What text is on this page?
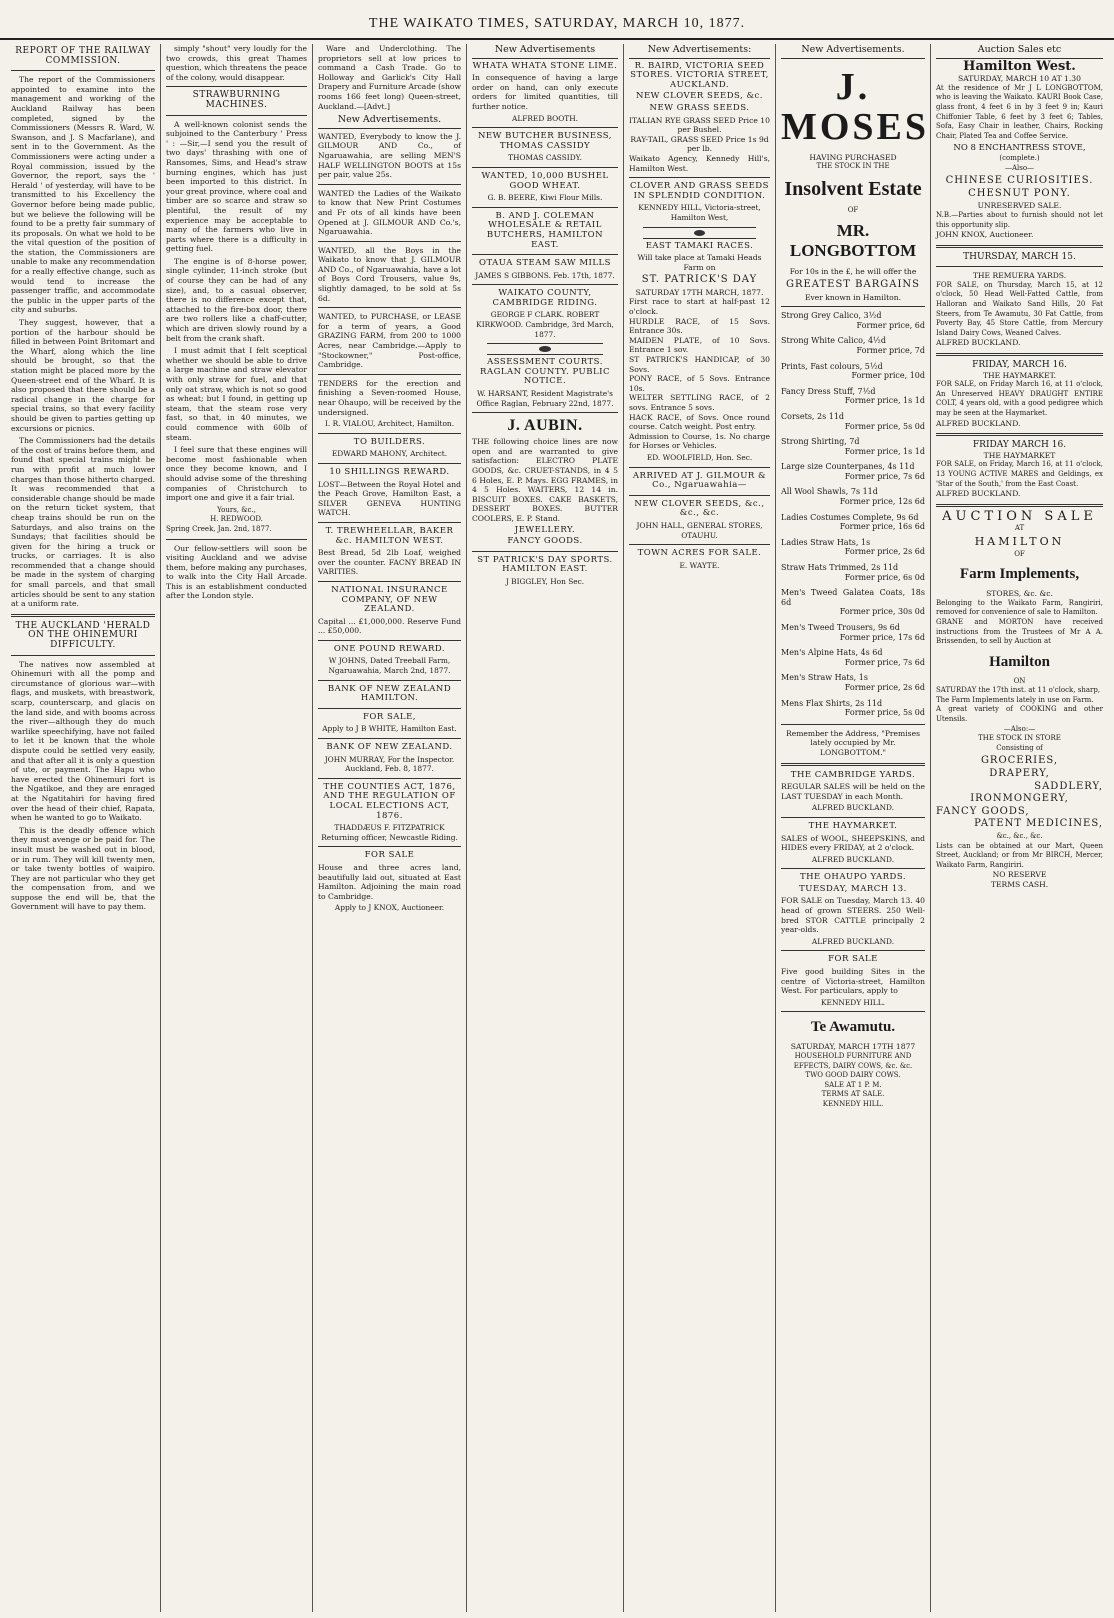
THE WAIKATO TIMES, SATURDAY, MARCH 10, 1877.
REPORT OF THE RAILWAY COMMISSION.

The report of the Commissioners appointed to examine into the management and working of the Auckland Railway has been completed, signed by the Commissioners (Messrs R. Ward, W. Swanson, and J. S Macfarlane), and sent in to the Government. As the Commissioners were acting under a Royal commission, issued by the Governor, the report, says the ' Herald ' of yesterday, will have to be transmitted to his Excellency the Governor before being made public, but we believe the following will be found to be a pretty fair summary of its proposals. On what we hold to be the vital question of the position of the station, the Commissioners are unable to make any recommendation for a really effective change, such as would tend to increase the passenger traffic, and accommodate the public in the upper parts of the city and suburbs.

They suggest, however, that a portion of the harbour should be filled in between Point Britomart and the Wharf, along which the line should be brought, so that the station might be placed more by the Queen-street end of the Wharf. It is also proposed that there should be a radical change in the charge for special trains, so that every facility should be given to parties getting up excursions or picnics.

The Commissioners had the details of the cost of trains before them, and found that special trains might be run with profit at much lower charges than those hitherto charged. It was recommended that a considerable change should be made on the return ticket system, that cheap trains should be run on the Saturdays, and also trains on the Sundays; that facilities should be given for the hiring a truck or trucks, or carriages. It is also recommended that a change should be made in the system of charging for small parcels, and that small articles should be sent to any station at a uniform rate.

THE AUCKLAND 'HERALD ON THE OHINEMURI DIFFICULTY.

The natives now assembled at Ohinemuri with all the pomp and circumstance of glorious war—with flags, and muskets, with breastwork, scarp, counterscarp, and glacis on the land side, and with booms across the river—although they do much warlike speechifying, have not failed to let it be known that the whole dispute could be settled very easily, and that after all it is only a question of ute, or payment. The Hapu who have erected the Ohinemuri fort is the Ngatikoe, and they are enraged at the Ngatitahiri for having fired over the head of their chief, Rapata, when he wanted to go to Waikato.

This is the deadly offence which they must avenge or be paid for. The insult must be washed out in blood, or in rum. They will kill twenty men, or take twenty bottles of waipiro. They are not particular who they get the compensation from, and we suppose the end will be, that the Government will have to pay them.

simply "shout" very loudly for the two crowds, this great Thames question, which threatens the peace of the colony, would disappear.

STRAWBURNING MACHINES.

A well-known colonist sends the subjoined to the Canterbury ' Press ' : —Sir,—I send you the result of two days' thrashing with one of Ransomes, Sims, and Head's straw burning engines, which has just been imported to this district. In your great province, where coal and timber are so scarce and straw so plentiful, the result of my experience may be acceptable to many of the farmers who live in parts where there is a difficulty in getting fuel.

The engine is of 8-horse power, single cylinder, 11-inch stroke (but of course they can be had of any size), and, to a casual observer, there is no difference except that, attached to the fire-box door, there are two rollers like a chaff-cutter, which are driven slowly round by a belt from the crank shaft.

I must admit that I felt sceptical whether we should be able to drive a large machine and straw elevator with only straw for fuel, and that only oat straw, which is not so good as wheat; but I found, in getting up steam, that the steam rose very fast, so that, in 40 minutes, we could commence with 60lb of steam.

I feel sure that these engines will become most fashionable when once they become known, and I should advise some of the threshing companies of Christchurch to import one and give it a fair trial.

Yours, &c.,
H. REDWOOD.
Spring Creek, Jan. 2nd, 1877.

Our fellow-settlers will soon be visiting Auckland and we advise them, before making any purchases, to walk into the City Hall Arcade. This is an establishment conducted after the London style.

Ware and Underclothing. The proprietors sell at low prices to command a Cash Trade. Go to Holloway and Garlick's City Hall Drapery and Furniture Arcade (show rooms 166 feet long) Queen-street, Auckland.—[Advt.]

New Advertisements.
WANTED, Everybody to know the J. GILMOUR AND Co., of Ngaruawahia, are selling MEN'S HALF WELLINGTON BOOTS at 15s per pair, value 25s.
WANTED the Ladies of the Waikato to know that New Print Costumes and Fr ots of all kinds have been Opened at J. GILMOUR AND Co.'s, Ngaruawahia.
WANTED, all the Boys in the Waikato to know that J. GILMOUR AND Co., of Ngaruawahia, have a lot of Boys Cord Trousers, value 9s, slightly damaged, to be sold at 5s 6d.
WANTED, to PURCHASE, or LEASE for a term of years, a Good GRAZING FARM, from 200 to 1000 Acres, near Cambridge.—Apply to "Stockowner," Post-office, Cambridge.
TENDERS for the erection and finishing a Seven-roomed House, near Ohaupo, will be received by the undersigned.
I. R. VIALOU, Architect, Hamilton.
TO BUILDERS.
EDWARD MAHONY, Architect.
10 SHILLINGS REWARD.
LOST—Between the Royal Hotel and the Peach Grove, Hamilton East, a SILVER GENEVA HUNTING WATCH.
T. TREWHEELLAR, BAKER &c. HAMILTON WEST.
Best Bread, 5d 2lb Loaf, weighed over the counter. FACNY BREAD IN VARITIES.
NATIONAL INSURANCE COMPANY, OF NEW ZEALAND.
Capital ... £1,000,000. Reserve Fund ... £50,000.
ONE POUND REWARD.
W JOHNS, Dated Treeball Farm, Ngaruawahia, March 2nd, 1877.
BANK OF NEW ZEALAND HAMILTON.
FOR SALE,
Apply to J B WHITE, Hamilton East.
BANK OF NEW ZEALAND.
JOHN MURRAY, For the Inspector. Auckland, Feb. 8, 1877.
THE COUNTIES ACT, 1876, AND THE REGULATION OF LOCAL ELECTIONS ACT, 1876.
THADDÆUS F. FITZPATRICK Returning officer, Newcastle Riding.
FOR SALE
House and three acres land, beautifully laid out, situated at East Hamilton. Adjoining the main road to Cambridge.
Apply to J KNOX, Auctioneer.
New Advertisements
WHATA WHATA STONE LIME.
In consequence of having a large order on hand, can only execute orders for limited quantities, till further notice.
ALFRED BOOTH.
NEW BUTCHER BUSINESS, THOMAS CASSIDY
THOMAS CASSIDY.
WANTED, 10,000 BUSHEL GOOD WHEAT.
G. B. BEERE, Kiwi Flour Mills.
B. AND J. COLEMAN WHOLESALE & RETAIL BUTCHERS, HAMILTON EAST.
OTAUA STEAM SAW MILLS
JAMES S GIBBONS. Feb. 17th, 1877.
WAIKATO COUNTY, CAMBRIDGE RIDING.
GEORGE F CLARK. ROBERT KIRKWOOD. Cambridge, 3rd March, 1877.
ASSESSMENT COURTS. RAGLAN COUNTY. PUBLIC NOTICE.
W. HARSANT, Resident Magistrate's Office Raglan, February 22nd, 1877.
J. AUBIN.
THE following choice lines are now open and are warranted to give satisfaction: ELECTRO PLATE GOODS, &c. CRUET-STANDS, in 4 5 6 Holes, E. P. Mays. EGG FRAMES, in 4 5 Holes. WAITERS, 12 14 in. BISCUIT BOXES. CAKE BASKETS, DESSERT BOXES. BUTTER COOLERS, E. P. Stand.
JEWELLERY.
FANCY GOODS.
ST PATRICK'S DAY SPORTS. HAMILTON EAST.
J BIGGLEY, Hon Sec.
New Advertisements:
R. BAIRD, VICTORIA SEED STORES. VICTORIA STREET, AUCKLAND.
NEW CLOVER SEEDS, &c.
NEW GRASS SEEDS.
ITALIAN RYE GRASS SEED Price 10 per Bushel.
RAY-TAIL, GRASS SEED Price 1s 9d per lb.
Waikato Agency, Kennedy Hill's, Hamilton West.
CLOVER AND GRASS SEEDS IN SPLENDID CONDITION.
KENNEDY HILL, Victoria-street, Hamilton West,
EAST TAMAKI RACES.
Will take place at Tamaki Heads Farm on
ST. PATRICK'S DAY
SATURDAY 17TH MARCH, 1877.
First race to start at half-past 12 o'clock.
HURDLE RACE, of 15 Sovs. Entrance 30s.
MAIDEN PLATE, of 10 Sovs. Entrance 1 sov.
ST PATRICK'S HANDICAP, of 30 Sovs.
PONY RACE, of 5 Sovs. Entrance 10s.
WELTER SETTLING RACE, of 2 sovs. Entrance 5 sovs.
HACK RACE, of Sovs. Once round course. Catch weight. Post entry.
Admission to Course, 1s. No charge for Horses or Vehicles.
ED. WOOLFIELD, Hon. Sec.
ARRIVED AT J. GILMOUR & Co., Ngaruawahia—
NEW CLOVER SEEDS, &c., &c., &c.
JOHN HALL, GENERAL STORES, OTAUHU.
TOWN ACRES FOR SALE.
E. WAYTE.
New Advertisements.
J. MOSES
HAVING PURCHASED
THE STOCK IN THE
Insolvent Estate
OF
MR. LONGBOTTOM
For 10s in the £, he will offer the
GREATEST BARGAINS
Ever known in Hamilton.
Strong Grey Calico, 3½d
Former price, 6d
Strong White Calico, 4½d
Former price, 7d
Prints, Fast colours, 5½d
Former price, 10d
Fancy Dress Stuff, 7½d
Former price, 1s 1d
Corsets, 2s 11d
Former price, 5s 0d
Strong Shirting, 7d
Former price, 1s 1d
Large size Counterpanes, 4s 11d
Former price, 7s 6d
All Wool Shawls, 7s 11d
Former price, 12s 6d
Ladies Costumes Complete, 9s 6d
Former price, 16s 6d
Ladies Straw Hats, 1s
Former price, 2s 6d
Straw Hats Trimmed, 2s 11d
Former price, 6s 0d
Men's Tweed Galatea Coats, 18s 6d
Former price, 30s 0d
Men's Tweed Trousers, 9s 6d
Former price, 17s 6d
Men's Alpine Hats, 4s 6d
Former price, 7s 6d
Men's Straw Hats, 1s
Former price, 2s 6d
Mens Flax Shirts, 2s 11d
Former price, 5s 0d
Remember the Address, "Premises lately occupied by Mr. LONGBOTTOM."
THE CAMBRIDGE YARDS.
REGULAR SALES will be held on the LAST TUESDAY in each Month.
ALFRED BUCKLAND.
THE HAYMARKET.
SALES of WOOL, SHEEPSKINS, and HIDES every FRIDAY, at 2 o'clock.
ALFRED BUCKLAND.
THE OHAUPO YARDS.
TUESDAY, MARCH 13.
FOR SALE on Tuesday, March 13. 40 head of grown STEERS. 250 Well-bred STOR CATTLE principally 2 year-olds.
ALFRED BUCKLAND.
FOR SALE
Five good building Sites in the centre of Victoria-street, Hamilton West. For particulars, apply to
KENNEDY HILL.
Te Awamutu.
SATURDAY, MARCH 17TH 1877
HOUSEHOLD FURNITURE AND EFFECTS, DAIRY COWS, &c. &c.
TWO GOOD DAIRY COWS.
SALE AT 1 P. M.
TERMS AT SALE.
KENNEDY HILL.
Auction Sales etc
Hamilton West.
SATURDAY, MARCH 10 AT 1.30
At the residence of Mr J L LONGBOTTOM, who is leaving the Waikato. KAURI Book Case, glass front, 4 feet 6 in by 3 feet 9 in; Kauri Chiffonier Table, 6 feet by 3 feet 6; Tables, Sofa, Easy Chair in leather, Chairs, Rocking Chair, Plated Tea and Coffee Service.
NO 8 ENCHANTRESS STOVE,
(complete.)
—Also—
CHINESE CURIOSITIES.
CHESNUT PONY.
UNRESERVED SALE.
N.B.—Parties about to furnish should not let this opportunity slip.
JOHN KNOX, Auctioneer.
THURSDAY, MARCH 15.
THE REMUERA YARDS.
FOR SALE, on Thursday, March 15, at 12 o'clock, 50 Head Well-Fatted Cattle, from Halloran and Waikato Sand Hills, 20 Fat Steers, from Te Awamutu, 30 Fat Cattle, from Poverty Bay, 45 Store Cattle, from Mercury Island Dairy Cows, Weaned Calves.
ALFRED BUCKLAND.
FRIDAY, MARCH 16.
THE HAYMARKET.
FOR SALE, on Friday March 16, at 11 o'clock, An Unreserved HEAVY DRAUGHT ENTIRE COLT, 4 years old, with a good pedigree which may be seen at the Haymarket.
ALFRED BUCKLAND.
FRIDAY MARCH 16.
THE HAYMARKET
FOR SALE, on Friday, March 16, at 11 o'clock, 13 YOUNG ACTIVE MARES and Geldings, ex 'Star of the South,' from the East Coast.
ALFRED BUCKLAND.
AUCTION SALE
AT
HAMILTON
OF
Farm Implements,
STORES, &c. &c.
Belonging to the Waikato Farm, Rangiriri, removed for convenience of sale to Hamilton.
GRANE and MORTON have received instructions from the Trustees of Mr A A. Brissenden, to sell by Auction at
Hamilton
ON
SATURDAY the 17th inst. at 11 o'clock, sharp,
The Farm Implements lately in use on Farm.
A great variety of COOKING and other Utensils.
—Also:—
THE STOCK IN STORE
Consisting of
GROCERIES,
DRAPERY,
SADDLERY,
IRONMONGERY,
FANCY GOODS,
PATENT MEDICINES,
&c., &c., &c.
Lists can be obtained at our Mart, Queen Street, Auckland; or from Mr BIRCH, Mercer, Waikato Farm, Rangiriri.
NO RESERVE
TERMS CASH.
